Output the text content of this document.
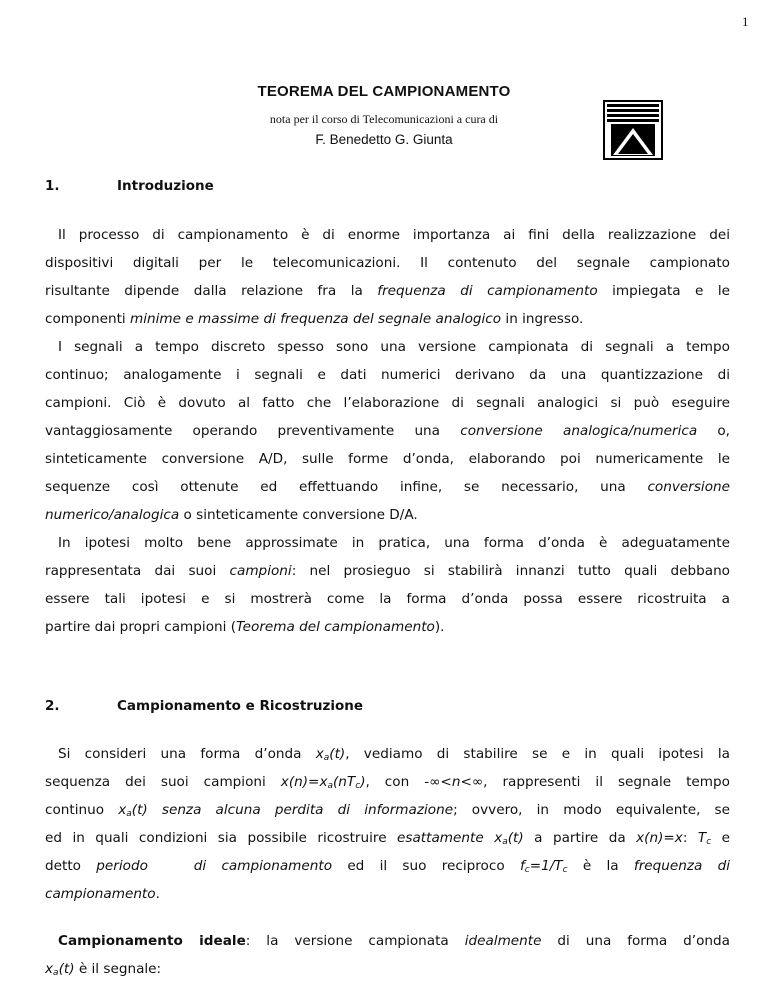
1
TEOREMA DEL CAMPIONAMENTO
nota per il corso di Telecomunicazioni a cura di
F. Benedetto G. Giunta
1.	Introduzione
Il processo di campionamento è di enorme importanza ai fini della realizzazione dei
dispositivi digitali per le telecomunicazioni. Il contenuto del segnale campionato
risultante dipende dalla relazione fra la frequenza di campionamento impiegata e le
componenti minime e massime di frequenza del segnale analogico in ingresso.
I segnali a tempo discreto spesso sono una versione campionata di segnali a tempo
continuo; analogamente i segnali e dati numerici derivano da una quantizzazione di
campioni. Ciò è dovuto al fatto che l’elaborazione di segnali analogici si può eseguire
vantaggiosamente operando preventivamente una conversione analogica/numerica o,
sinteticamente conversione A/D, sulle forme d’onda, elaborando poi numericamente le
sequenze così ottenute ed effettuando infine, se necessario, una conversione
numerico/analogica o sinteticamente conversione D/A.
In ipotesi molto bene approssimate in pratica, una forma d’onda è adeguatamente
rappresentata dai suoi campioni: nel prosieguo si stabilirà innanzi tutto quali debbano
essere tali ipotesi e si mostrerà come la forma d’onda possa essere ricostruita a
partire dai propri campioni (Teorema del campionamento).
2.	Campionamento e Ricostruzione
Si consideri una forma d’onda $x_a(t)$, vediamo di stabilire se e in quali ipotesi la
sequenza dei suoi campioni $x(n)=x_a(nT_c)$, con -∞<n<∞, rappresenti il segnale tempo
continuo $x_a(t)$ senza alcuna perdita di informazione; ovvero, in modo equivalente, se
ed in quali condizioni sia possibile ricostruire esattamente $x_a(t)$ a partire da x(n)=x: $T_c$ e
detto periodo	di campionamento ed il suo reciproco $f_c=1/T_c$ è la frequenza di
campionamento.
Campionamento ideale: la versione campionata idealmente di una forma d’onda
$x_a(t)$ è il segnale:
